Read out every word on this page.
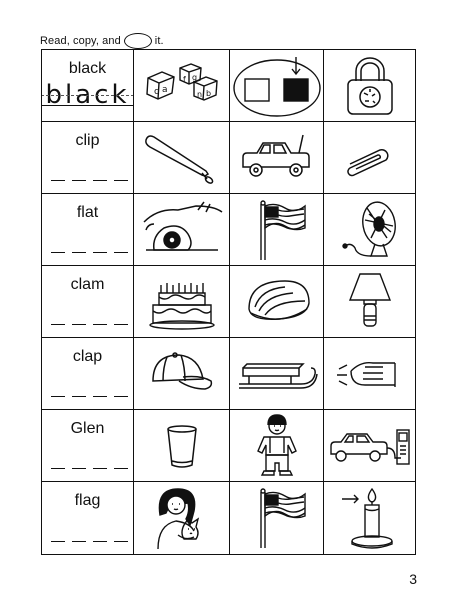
Read, copy, and	it.
black
black	c a
f g
n b
clip
flat
clam
clap
Glen
flag
3
